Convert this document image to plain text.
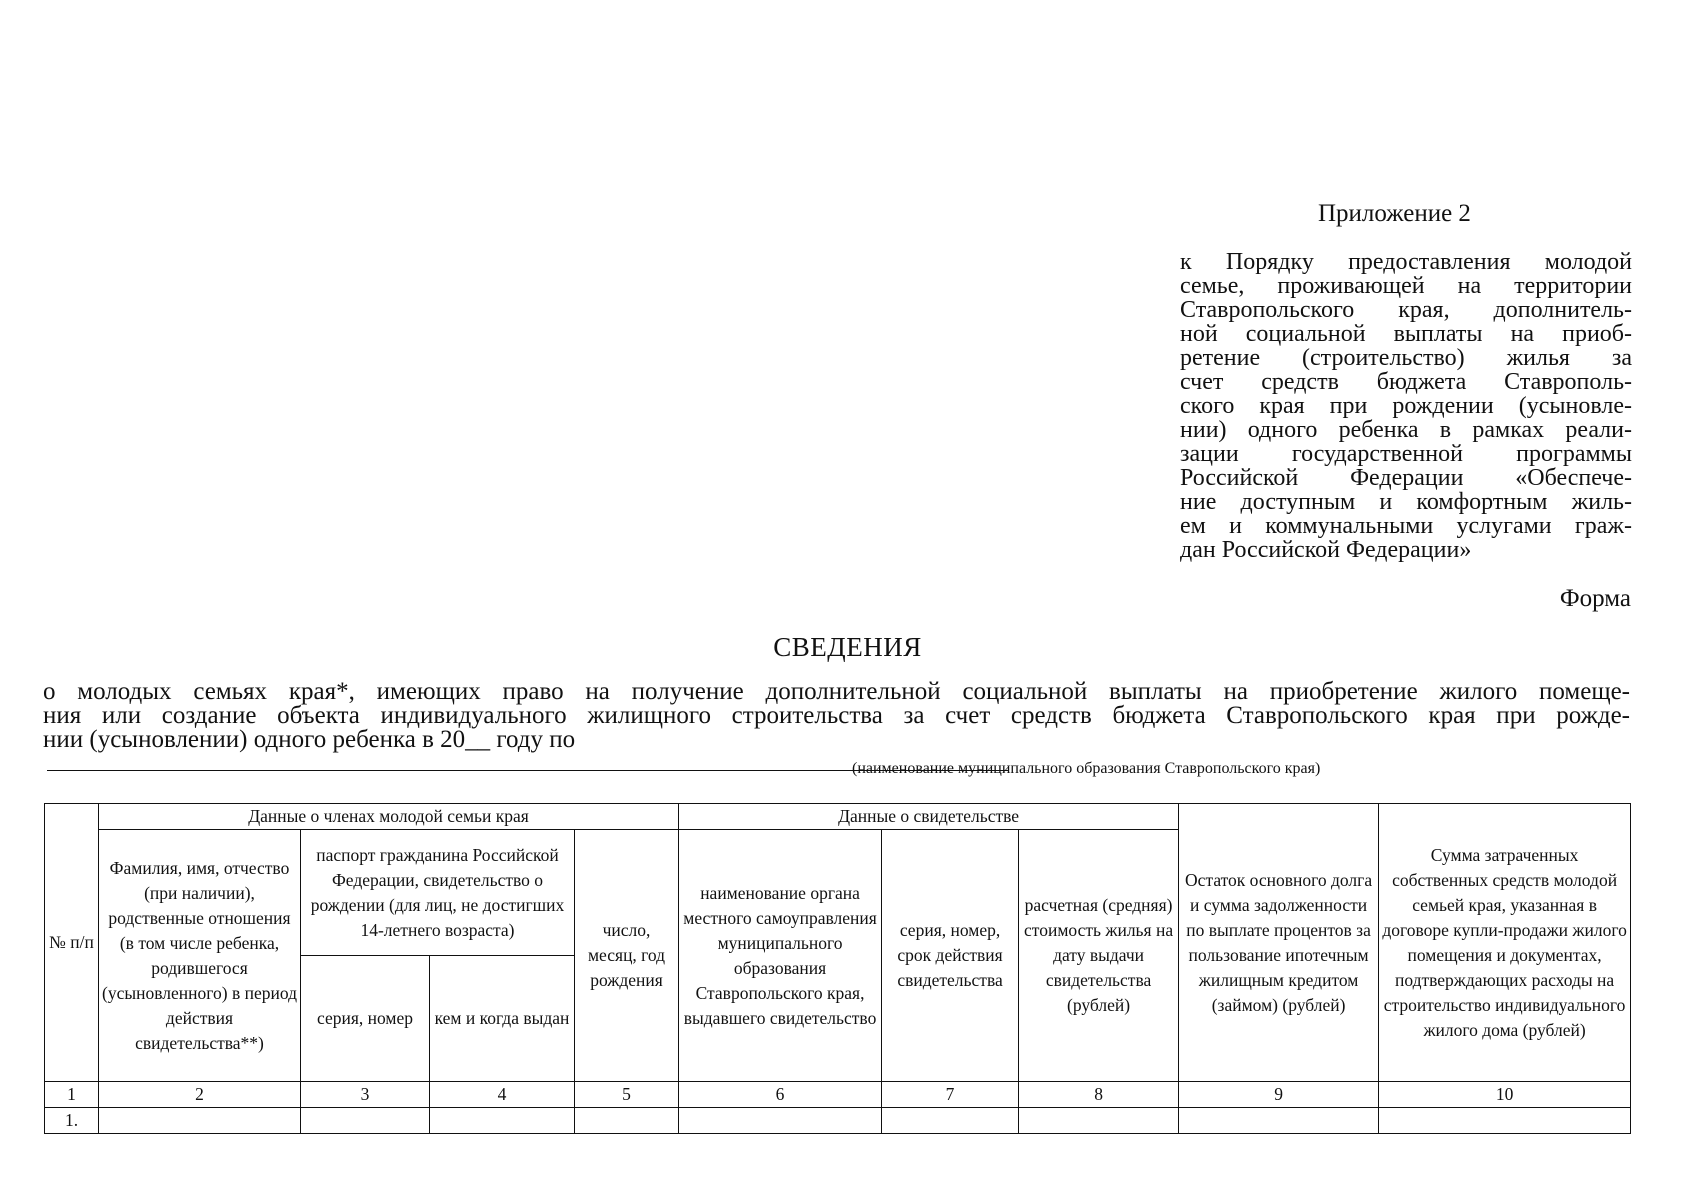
Приложение 2
к Порядку предоставления молодой
семье, проживающей на территории
Ставропольского края, дополнитель-
ной социальной выплаты на приоб-
ретение (строительство) жилья за
счет средств бюджета Ставрополь-
ского края при рождении (усыновле-
нии) одного ребенка в рамках реали-
зации государственной программы
Российской Федерации «Обеспече-
ние доступным и комфортным жиль-
ем и коммунальными услугами граж-
дан Российской Федерации»
Форма
СВЕДЕНИЯ
о молодых семьях края*, имеющих право на получение дополнительной социальной выплаты на приобретение жилого помеще-
ния или создание объекта индивидуального жилищного строительства за счет средств бюджета Ставропольского края при рожде-
нии (усыновлении) одного ребенка в 20__ году по
(наименование муниципального образования Ставропольского края)
№ п/п	Данные о членах молодой семьи края				Данные о свидетельстве			Остаток основного долга и сумма задолженности по выплате процентов за пользование ипотечным жилищным кредитом (займом) (рублей)	Сумма затраченных собственных средств молодой семьей края, указанная в договоре купли-продажи жилого помещения и документах, подтверждающих расходы на строительство индивидуального жилого дома (рублей)
	Фамилия, имя, отчество (при наличии), родственные отношения (в том числе ребенка, родившегося (усыновленного) в период действия свидетельства**)	паспорт гражданина Российской Федерации, свидетельство о рождении (для лиц, не достигших 14-летнего возраста)		число, месяц, год рождения	наименование органа местного самоуправления муниципального образования Ставропольского края, выдавшего свидетельство	серия, номер, срок действия свидетельства	расчетная (средняя) стоимость жилья на дату выдачи свидетельства (рублей)		
		серия, номер	кем и когда выдан						
1	2	3	4	5	6	7	8	9	10
1.									
